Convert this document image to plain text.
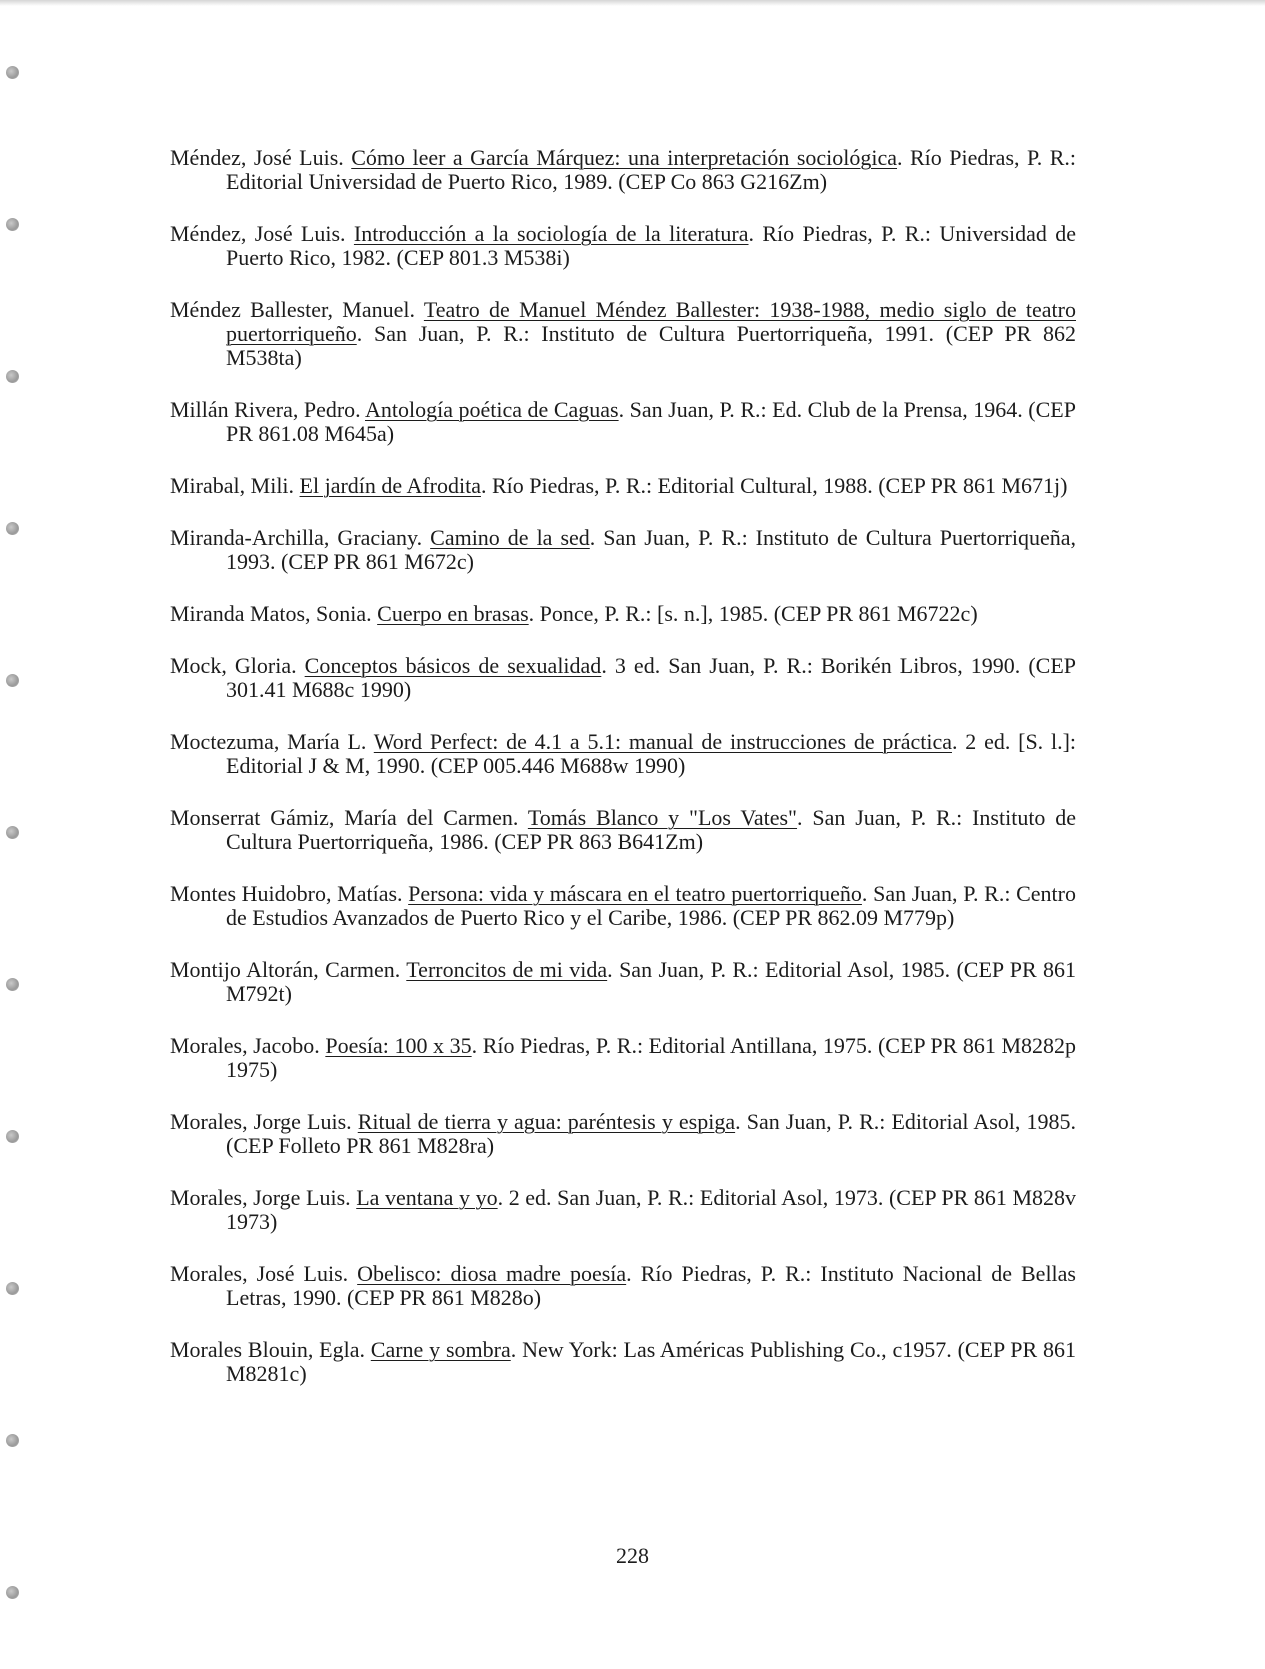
Méndez, José Luis. Cómo leer a García Márquez: una interpretación sociológica. Río Piedras, P. R.: Editorial Universidad de Puerto Rico, 1989. (CEP Co 863 G216Zm)

Méndez, José Luis. Introducción a la sociología de la literatura. Río Piedras, P. R.: Universidad de Puerto Rico, 1982. (CEP 801.3 M538i)

Méndez Ballester, Manuel. Teatro de Manuel Méndez Ballester: 1938-1988, medio siglo de teatro puertorriqueño. San Juan, P. R.: Instituto de Cultura Puertorriqueña, 1991. (CEP PR 862 M538ta)

Millán Rivera, Pedro. Antología poética de Caguas. San Juan, P. R.: Ed. Club de la Prensa, 1964. (CEP PR 861.08 M645a)

Mirabal, Mili. El jardín de Afrodita. Río Piedras, P. R.: Editorial Cultural, 1988. (CEP PR 861 M671j)

Miranda-Archilla, Graciany. Camino de la sed. San Juan, P. R.: Instituto de Cultura Puertorriqueña, 1993. (CEP PR 861 M672c)

Miranda Matos, Sonia. Cuerpo en brasas. Ponce, P. R.: [s. n.], 1985. (CEP PR 861 M6722c)

Mock, Gloria. Conceptos básicos de sexualidad. 3 ed. San Juan, P. R.: Borikén Libros, 1990. (CEP 301.41 M688c 1990)

Moctezuma, María L. Word Perfect: de 4.1 a 5.1: manual de instrucciones de práctica. 2 ed. [S. l.]: Editorial J & M, 1990. (CEP 005.446 M688w 1990)

Monserrat Gámiz, María del Carmen. Tomás Blanco y "Los Vates". San Juan, P. R.: Instituto de Cultura Puertorriqueña, 1986. (CEP PR 863 B641Zm)

Montes Huidobro, Matías. Persona: vida y máscara en el teatro puertorriqueño. San Juan, P. R.: Centro de Estudios Avanzados de Puerto Rico y el Caribe, 1986. (CEP PR 862.09 M779p)

Montijo Altorán, Carmen. Terroncitos de mi vida. San Juan, P. R.: Editorial Asol, 1985. (CEP PR 861 M792t)

Morales, Jacobo. Poesía: 100 x 35. Río Piedras, P. R.: Editorial Antillana, 1975. (CEP PR 861 M8282p 1975)

Morales, Jorge Luis. Ritual de tierra y agua: paréntesis y espiga. San Juan, P. R.: Editorial Asol, 1985. (CEP Folleto PR 861 M828ra)

Morales, Jorge Luis. La ventana y yo. 2 ed. San Juan, P. R.: Editorial Asol, 1973. (CEP PR 861 M828v 1973)

Morales, José Luis. Obelisco: diosa madre poesía. Río Piedras, P. R.: Instituto Nacional de Bellas Letras, 1990. (CEP PR 861 M828o)

Morales Blouin, Egla. Carne y sombra. New York: Las Américas Publishing Co., c1957. (CEP PR 861 M8281c)

228
